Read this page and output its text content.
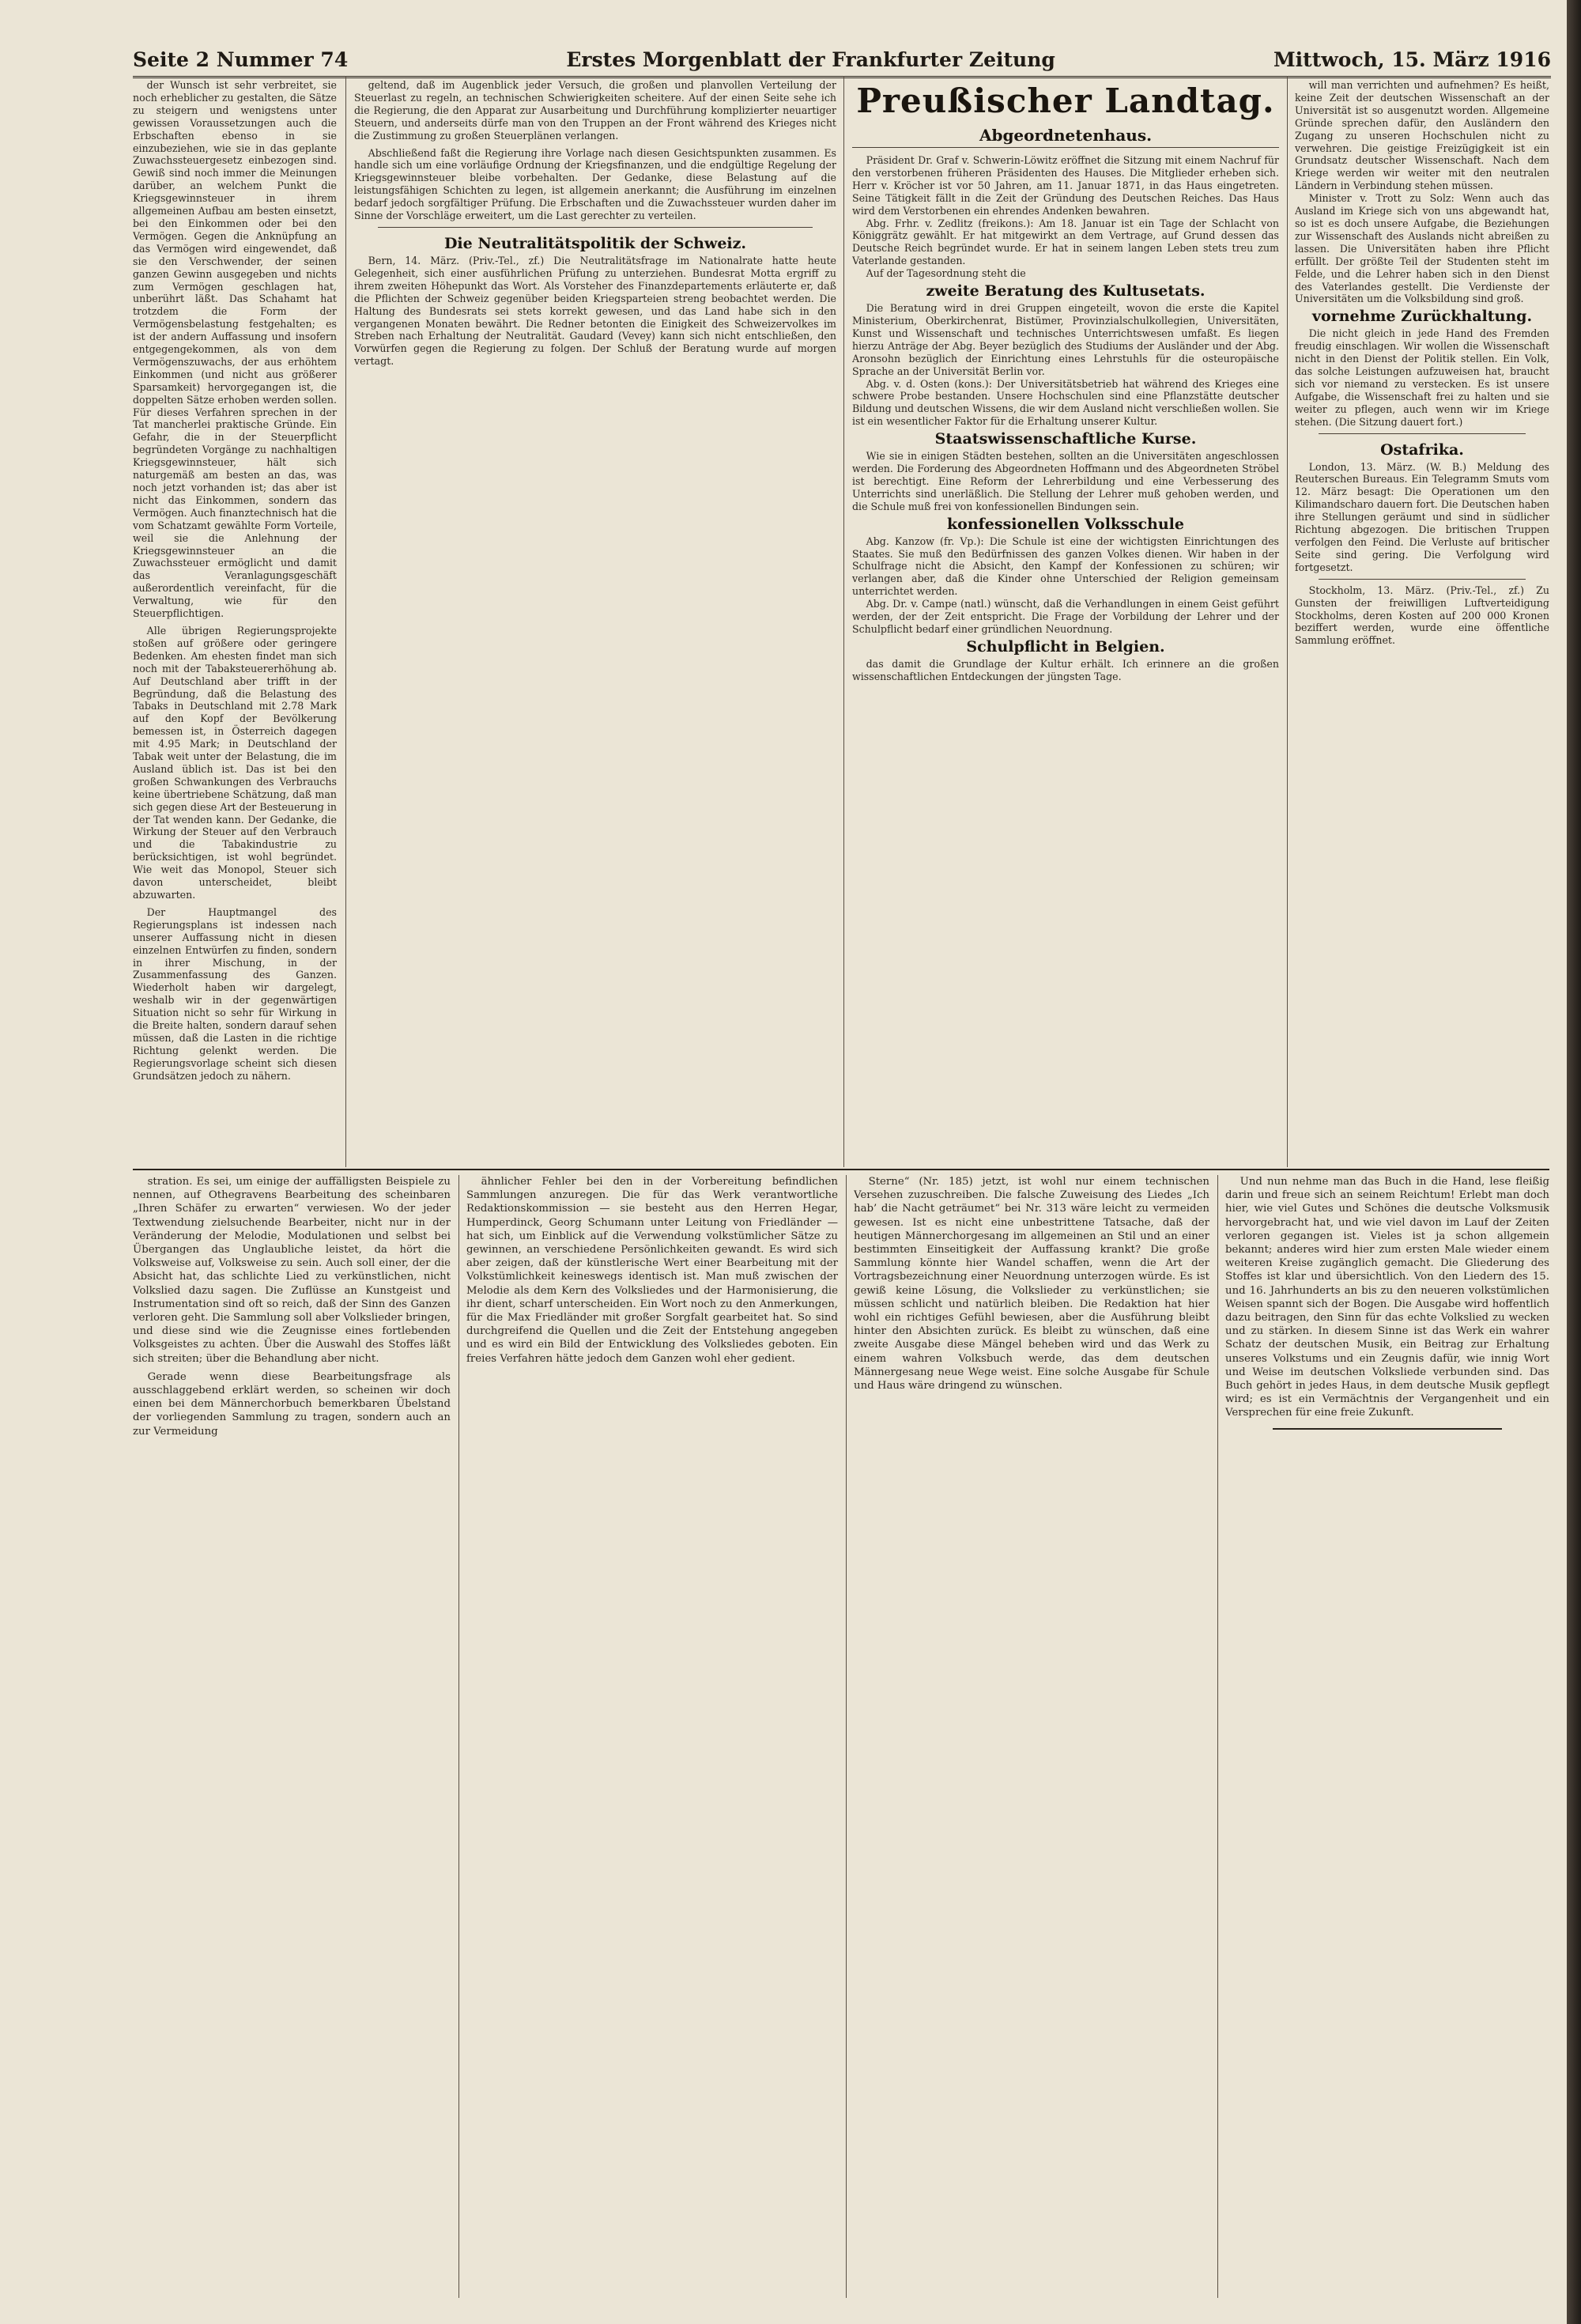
Seite 2 Nummer 74	Erstes Morgenblatt der Frankfurter Zeitung	Mittwoch, 15. März 1916

der Wunsch ist sehr verbreitet, sie noch erheblicher zu gestalten, die Sätze zu steigern und wenigstens unter gewissen Voraussetzungen auch die Erbschaften ebenso in sie einzubeziehen, wie sie in das geplante Zuwachssteuergesetz einbezogen sind. Gewiß sind noch immer die Meinungen darüber, an welchem Punkt die Kriegsgewinnsteuer in ihrem allgemeinen Aufbau am besten einsetzt, bei den Einkommen oder bei den Vermögen. Gegen die Anknüpfung an das Vermögen wird eingewendet, daß sie den Verschwender, der seinen ganzen Gewinn ausgegeben und nichts zum Vermögen geschlagen hat, unberührt läßt. Das Schahamt hat trotzdem die Form der Vermögensbelastung festgehalten; es ist der andern Auffassung und insofern entgegengekommen, als von dem Vermögenszuwachs, der aus erhöhtem Einkommen (und nicht aus größerer Sparsamkeit) hervorgegangen ist, die doppelten Sätze erhoben werden sollen. Für dieses Verfahren sprechen in der Tat mancherlei praktische Gründe. Ein Gefahr, die in der Steuerpflicht begründeten Vorgänge zu nachhaltigen Kriegsgewinnsteuer, hält sich naturgemäß am besten an das, was noch jetzt vorhanden ist; das aber ist nicht das Einkommen, sondern das Vermögen. Auch finanztechnisch hat die vom Schatzamt gewählte Form Vorteile, weil sie die Anlehnung der Kriegsgewinnsteuer an die Zuwachssteuer ermöglicht und damit das Veranlagungsgeschäft außerordentlich vereinfacht, für die Verwaltung, wie für den Steuerpflichtigen.

Alle übrigen Regierungsprojekte stoßen auf größere oder geringere Bedenken. Am ehesten findet man sich noch mit der Tabaksteuererhöhung ab. Auf Deutschland aber trifft in der Begründung, daß die Belastung des Tabaks in Deutschland mit 2.78 Mark auf den Kopf der Bevölkerung bemessen ist, in Österreich dagegen mit 4.95 Mark; in Deutschland der Tabak weit unter der Belastung, die im Ausland üblich ist. Das ist bei den großen Schwankungen des Verbrauchs keine übertriebene Schätzung, daß man sich gegen diese Art der Besteuerung in der Tat wenden kann. Der Gedanke, die Wirkung der Steuer auf den Verbrauch und die Tabakindustrie zu berücksichtigen, ist wohl begründet. Wie weit das Monopol, Steuer sich davon unterscheidet, bleibt abzuwarten.

Der Hauptmangel des Regierungsplans ist indessen nach unserer Auffassung nicht in diesen einzelnen Entwürfen zu finden, sondern in ihrer Mischung, in der Zusammenfassung des Ganzen. Wiederholt haben wir dargelegt, weshalb wir in der gegenwärtigen Situation nicht so sehr für Wirkung in die Breite halten, sondern darauf sehen müssen, daß die Lasten in die richtige Richtung gelenkt werden. Die Regierungsvorlage scheint sich diesen Grundsätzen jedoch zu nähern.

geltend, daß im Augenblick jeder Versuch, die großen und planvollen Verteilung der Steuerlast zu regeln, an technischen Schwierigkeiten scheitere. Auf der einen Seite sehe ich die Regierung, die den Apparat zur Ausarbeitung und Durchführung komplizierter neuartiger Steuern, und anderseits dürfe man von den Truppen an der Front während des Krieges nicht die Zustimmung zu großen Steuerplänen verlangen.

Abschließend faßt die Regierung ihre Vorlage nach diesen Gesichtspunkten zusammen. Es handle sich um eine vorläufige Ordnung der Kriegsfinanzen, und die endgültige Regelung der Kriegsgewinnsteuer bleibe vorbehalten. Der Gedanke, diese Belastung auf die leistungsfähigen Schichten zu legen, ist allgemein anerkannt; die Ausführung im einzelnen bedarf jedoch sorgfältiger Prüfung. Die Erbschaften und die Zuwachssteuer wurden daher im Sinne der Vorschläge erweitert, um die Last gerechter zu verteilen.

Die Neutralitätspolitik der Schweiz.

Bern, 14. März. (Priv.-Tel., zf.) Die Neutralitätsfrage im Nationalrate hatte heute Gelegenheit, sich einer ausführlichen Prüfung zu unterziehen. Bundesrat Motta ergriff zu ihrem zweiten Höhepunkt das Wort. Als Vorsteher des Finanzdepartements erläuterte er, daß die Pflichten der Schweiz gegenüber beiden Kriegsparteien streng beobachtet werden. Die Haltung des Bundesrats sei stets korrekt gewesen, und das Land habe sich in den vergangenen Monaten bewährt. Die Redner betonten die Einigkeit des Schweizervolkes im Streben nach Erhaltung der Neutralität. Gaudard (Vevey) kann sich nicht entschließen, den Vorwürfen gegen die Regierung zu folgen. Der Schluß der Beratung wurde auf morgen vertagt.

Preußischer Landtag.
Abgeordnetenhaus.

Präsident Dr. Graf v. Schwerin-Löwitz eröffnet die Sitzung mit einem Nachruf für den verstorbenen früheren Präsidenten des Hauses. Die Mitglieder erheben sich. Herr v. Kröcher ist vor 50 Jahren, am 11. Januar 1871, in das Haus eingetreten. Seine Tätigkeit fällt in die Zeit der Gründung des Deutschen Reiches. Das Haus wird dem Verstorbenen ein ehrendes Andenken bewahren.

Abg. Frhr. v. Zedlitz (freikons.): Am 18. Januar ist ein Tage der Schlacht von Königgrätz gewählt. Er hat mitgewirkt an dem Vertrage, auf Grund dessen das Deutsche Reich begründet wurde. Er hat in seinem langen Leben stets treu zum Vaterlande gestanden.

Auf der Tagesordnung steht die

zweite Beratung des Kultusetats.

Die Beratung wird in drei Gruppen eingeteilt, wovon die erste die Kapitel Ministerium, Oberkirchenrat, Bistümer, Provinzialschulkollegien, Universitäten, Kunst und Wissenschaft und technisches Unterrichtswesen umfaßt. Es liegen hierzu Anträge der Abg. Beyer bezüglich des Studiums der Ausländer und der Abg. Aronsohn bezüglich der Einrichtung eines Lehrstuhls für die osteuropäische Sprache an der Universität Berlin vor.

Abg. v. d. Osten (kons.): Der Universitätsbetrieb hat während des Krieges eine schwere Probe bestanden. Unsere Hochschulen sind eine Pflanzstätte deutscher Bildung und deutschen Wissens, die wir dem Ausland nicht verschließen wollen. Sie ist ein wesentlicher Faktor für die Erhaltung unserer Kultur.

Staatswissenschaftliche Kurse.

Wie sie in einigen Städten bestehen, sollten an die Universitäten angeschlossen werden. Die Forderung des Abgeordneten Hoffmann und des Abgeordneten Ströbel ist berechtigt. Eine Reform der Lehrerbildung und eine Verbesserung des Unterrichts sind unerläßlich. Die Stellung der Lehrer muß gehoben werden, und die Schule muß frei von konfessionellen Bindungen sein.

konfessionellen Volksschule

Abg. Kanzow (fr. Vp.): Die Schule ist eine der wichtigsten Einrichtungen des Staates. Sie muß den Bedürfnissen des ganzen Volkes dienen. Wir haben in der Schulfrage nicht die Absicht, den Kampf der Konfessionen zu schüren; wir verlangen aber, daß die Kinder ohne Unterschied der Religion gemeinsam unterrichtet werden.

Abg. Dr. v. Campe (natl.) wünscht, daß die Verhandlungen in einem Geist geführt werden, der der Zeit entspricht. Die Frage der Vorbildung der Lehrer und der Schulpflicht bedarf einer gründlichen Neuordnung.

Schulpflicht in Belgien.

das damit die Grundlage der Kultur erhält. Ich erinnere an die großen wissenschaftlichen Entdeckungen der jüngsten Tage.

will man verrichten und aufnehmen? Es heißt, keine Zeit der deutschen Wissenschaft an der Universität ist so ausgenutzt worden. Allgemeine Gründe sprechen dafür, den Ausländern den Zugang zu unseren Hochschulen nicht zu verwehren. Die geistige Freizügigkeit ist ein Grundsatz deutscher Wissenschaft. Nach dem Kriege werden wir weiter mit den neutralen Ländern in Verbindung stehen müssen.

Minister v. Trott zu Solz: Wenn auch das Ausland im Kriege sich von uns abgewandt hat, so ist es doch unsere Aufgabe, die Beziehungen zur Wissenschaft des Auslands nicht abreißen zu lassen. Die Universitäten haben ihre Pflicht erfüllt. Der größte Teil der Studenten steht im Felde, und die Lehrer haben sich in den Dienst des Vaterlandes gestellt. Die Verdienste der Universitäten um die Volksbildung sind groß.

vornehme Zurückhaltung.

Die nicht gleich in jede Hand des Fremden freudig einschlagen. Wir wollen die Wissenschaft nicht in den Dienst der Politik stellen. Ein Volk, das solche Leistungen aufzuweisen hat, braucht sich vor niemand zu verstecken. Es ist unsere Aufgabe, die Wissenschaft frei zu halten und sie weiter zu pflegen, auch wenn wir im Kriege stehen. (Die Sitzung dauert fort.)

Ostafrika.

London, 13. März. (W. B.) Meldung des Reuterschen Bureaus. Ein Telegramm Smuts vom 12. März besagt: Die Operationen um den Kilimandscharo dauern fort. Die Deutschen haben ihre Stellungen geräumt und sind in südlicher Richtung abgezogen. Die britischen Truppen verfolgen den Feind. Die Verluste auf britischer Seite sind gering. Die Verfolgung wird fortgesetzt.

Stockholm, 13. März. (Priv.-Tel., zf.) Zu Gunsten der freiwilligen Luftverteidigung Stockholms, deren Kosten auf 200 000 Kronen beziffert werden, wurde eine öffentliche Sammlung eröffnet.

stration. Es sei, um einige der auffälligsten Beispiele zu nennen, auf Othegravens Bearbeitung des scheinbaren „Ihren Schäfer zu erwarten“ verwiesen. Wo der jeder Textwendung zielsuchende Bearbeiter, nicht nur in der Veränderung der Melodie, Modulationen und selbst bei Übergangen das Unglaubliche leistet, da hört die Volksweise auf, Volksweise zu sein. Auch soll einer, der die Absicht hat, das schlichte Lied zu verkünstlichen, nicht Volkslied dazu sagen. Die Zuflüsse an Kunstgeist und Instrumentation sind oft so reich, daß der Sinn des Ganzen verloren geht. Die Sammlung soll aber Volkslieder bringen, und diese sind wie die Zeugnisse eines fortlebenden Volksgeistes zu achten. Über die Auswahl des Stoffes läßt sich streiten; über die Behandlung aber nicht.

Gerade wenn diese Bearbeitungsfrage als ausschlaggebend erklärt werden, so scheinen wir doch einen bei dem Männerchorbuch bemerkbaren Übelstand der vorliegenden Sammlung zu tragen, sondern auch an zur Vermeidung

ähnlicher Fehler bei den in der Vorbereitung befindlichen Sammlungen anzuregen. Die für das Werk verantwortliche Redaktionskommission — sie besteht aus den Herren Hegar, Humperdinck, Georg Schumann unter Leitung von Friedländer — hat sich, um Einblick auf die Verwendung volkstümlicher Sätze zu gewinnen, an verschiedene Persönlichkeiten gewandt. Es wird sich aber zeigen, daß der künstlerische Wert einer Bearbeitung mit der Volkstümlichkeit keineswegs identisch ist. Man muß zwischen der Melodie als dem Kern des Volksliedes und der Harmonisierung, die ihr dient, scharf unterscheiden. Ein Wort noch zu den Anmerkungen, für die Max Friedländer mit großer Sorgfalt gearbeitet hat. So sind durchgreifend die Quellen und die Zeit der Entstehung angegeben und es wird ein Bild der Entwicklung des Volksliedes geboten. Ein freies Verfahren hätte jedoch dem Ganzen wohl eher gedient.

Sterne“ (Nr. 185) jetzt, ist wohl nur einem technischen Versehen zuzuschreiben. Die falsche Zuweisung des Liedes „Ich hab’ die Nacht geträumet“ bei Nr. 313 wäre leicht zu vermeiden gewesen. Ist es nicht eine unbestrittene Tatsache, daß der heutigen Männerchorgesang im allgemeinen an Stil und an einer bestimmten Einseitigkeit der Auffassung krankt? Die große Sammlung könnte hier Wandel schaffen, wenn die Art der Vortragsbezeichnung einer Neuordnung unterzogen würde. Es ist gewiß keine Lösung, die Volkslieder zu verkünstlichen; sie müssen schlicht und natürlich bleiben. Die Redaktion hat hier wohl ein richtiges Gefühl bewiesen, aber die Ausführung bleibt hinter den Absichten zurück. Es bleibt zu wünschen, daß eine zweite Ausgabe diese Mängel beheben wird und das Werk zu einem wahren Volksbuch werde, das dem deutschen Männergesang neue Wege weist. Eine solche Ausgabe für Schule und Haus wäre dringend zu wünschen.

Und nun nehme man das Buch in die Hand, lese fleißig darin und freue sich an seinem Reichtum! Erlebt man doch hier, wie viel Gutes und Schönes die deutsche Volksmusik hervorgebracht hat, und wie viel davon im Lauf der Zeiten verloren gegangen ist. Vieles ist ja schon allgemein bekannt; anderes wird hier zum ersten Male wieder einem weiteren Kreise zugänglich gemacht. Die Gliederung des Stoffes ist klar und übersichtlich. Von den Liedern des 15. und 16. Jahrhunderts an bis zu den neueren volkstümlichen Weisen spannt sich der Bogen. Die Ausgabe wird hoffentlich dazu beitragen, den Sinn für das echte Volkslied zu wecken und zu stärken. In diesem Sinne ist das Werk ein wahrer Schatz der deutschen Musik, ein Beitrag zur Erhaltung unseres Volkstums und ein Zeugnis dafür, wie innig Wort und Weise im deutschen Volksliede verbunden sind. Das Buch gehört in jedes Haus, in dem deutsche Musik gepflegt wird; es ist ein Vermächtnis der Vergangenheit und ein Versprechen für eine freie Zukunft.
